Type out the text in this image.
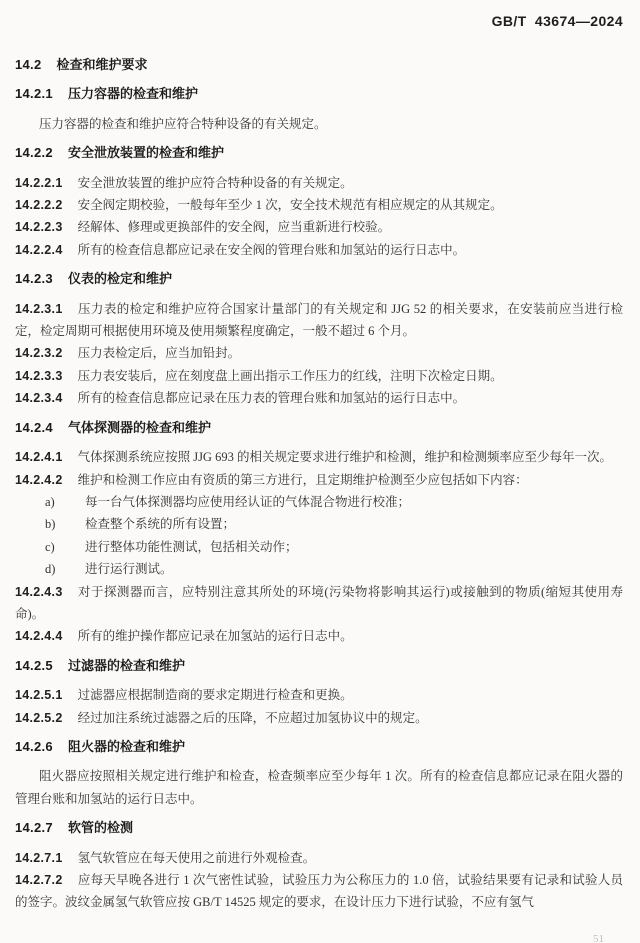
GB/T 43674—2024
14.2 检查和维护要求
14.2.1 压力容器的检查和维护

压力容器的检查和维护应符合特种设备的有关规定。

14.2.2 安全泄放装置的检查和维护

14.2.2.1 安全泄放装置的维护应符合特种设备的有关规定。

14.2.2.2 安全阀定期校验，一般每年至少 1 次，安全技术规范有相应规定的从其规定。

14.2.2.3 经解体、修理或更换部件的安全阀，应当重新进行校验。

14.2.2.4 所有的检查信息都应记录在安全阀的管理台账和加氢站的运行日志中。

14.2.3 仪表的检定和维护

14.2.3.1 压力表的检定和维护应符合国家计量部门的有关规定和 JJG 52 的相关要求，在安装前应当进行检定，检定周期可根据使用环境及使用频繁程度确定，一般不超过 6 个月。

14.2.3.2 压力表检定后，应当加铅封。

14.2.3.3 压力表安装后，应在刻度盘上画出指示工作压力的红线，注明下次检定日期。

14.2.3.4 所有的检查信息都应记录在压力表的管理台账和加氢站的运行日志中。

14.2.4 气体探测器的检查和维护

14.2.4.1 气体探测系统应按照 JJG 693 的相关规定要求进行维护和检测，维护和检测频率应至少每年一次。

14.2.4.2 维护和检测工作应由有资质的第三方进行，且定期维护检测至少应包括如下内容：

a) 每一台气体探测器均应使用经认证的气体混合物进行校准；

b) 检查整个系统的所有设置；

c) 进行整体功能性测试，包括相关动作；

d) 进行运行测试。

14.2.4.3 对于探测器而言，应特别注意其所处的环境(污染物将影响其运行)或接触到的物质(缩短其使用寿命)。

14.2.4.4 所有的维护操作都应记录在加氢站的运行日志中。

14.2.5 过滤器的检查和维护

14.2.5.1 过滤器应根据制造商的要求定期进行检查和更换。

14.2.5.2 经过加注系统过滤器之后的压降，不应超过加氢协议中的规定。

14.2.6 阻火器的检查和维护

阻火器应按照相关规定进行维护和检查，检查频率应至少每年 1 次。所有的检查信息都应记录在阻火器的管理台账和加氢站的运行日志中。

14.2.7 软管的检测

14.2.7.1 氢气软管应在每天使用之前进行外观检查。

14.2.7.2 应每天早晚各进行 1 次气密性试验，试验压力为公称压力的 1.0 倍，试验结果要有记录和试验人员的签字。波纹金属氢气软管应按 GB/T 14525 规定的要求，在设计压力下进行试验，不应有氢气

51
